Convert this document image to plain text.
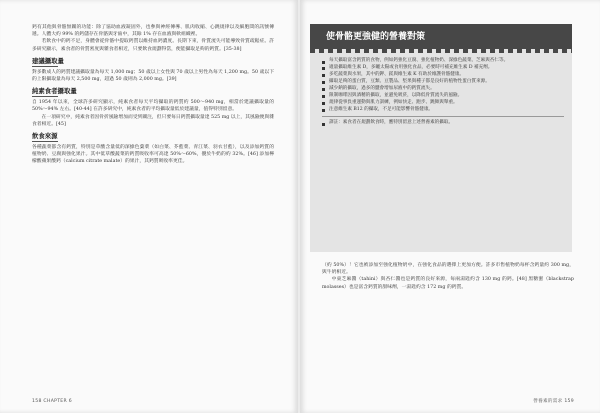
鈣有其他與骨骼無關的功能：除了協助血液凝固外，也參與神經傳導、肌肉收縮、心跳規律以及細胞間的訊號傳遞。人體大約 99% 的鈣儲存在骨骼與牙齒中，其餘 1% 存在血液與軟組織裡。

若飲食中的鈣不足，身體會從骨骼中提取鈣質以維持血鈣濃度。長期下來，骨質流失可能導致骨質疏鬆症。許多研究顯示，素食者的骨質密度與雜食者相近，只要飲食規劃得當，便能攝取足夠的鈣質。[35-38]

建議攝取量

對多數成人的鈣質建議攝取量為每天 1,000 mg；50 歲以上女性與 70 歲以上男性為每天 1,200 mg。50 歲以下的上限攝取量為每天 2,500 mg，超過 50 歲則為 2,000 mg。[39]

純素食者攝取量

自 1954 年以來，全球許多研究顯示，純素食者每天平均攝取的鈣質約 500～940 mg，相當於建議攝取量的 50%～94% 左右。[40-44] 在許多研究中，純素食者的平均攝取量低於建議量，值得特別留意。

在一項研究中，純素食者因骨折風險增加而受到關注，但只要每日鈣質攝取量達 525 mg 以上，其風險便與雜食者相近。[45]

飲食來源

各種蔬菜都含有鈣質，特別是草酸含量低的深綠色葉菜（如白菜、芥藍菜、青江菜、羽衣甘藍），以及添加鈣質的植物奶、豆腐與強化果汁。其中低草酸蔬菜的鈣質吸收率可高達 50%～60%，優於牛奶的約 32%。[46] 添加檸檬酸蘋果酸鈣（calcium citrate malate）的果汁，其鈣質吸收率更佳。

158 CHAPTER 6
使骨骼更強健的營養對策
每天攝取富含鈣質的食物，例如鈣強化豆腐、強化植物奶、深綠色蔬菜、芝麻與杏仁等。
適量攝取維生素 D，多曬太陽或食用強化食品，必要時可補充維生素 D 補充劑。
多吃蔬菜與水果，其中的鉀、鎂與維生素 K 有助於維護骨骼健康。
攝取足夠的蛋白質，豆類、豆製品、堅果與種子都是良好的植物性蛋白質來源。
減少鈉的攝取，過多的鹽會增加尿液中的鈣質流失。
限制咖啡因與酒精的攝取，並避免吸菸，以降低骨質流失的風險。
規律從事負重運動與肌力訓練，例如快走、跑步、跳舞與舉重。
注意維生素 B12 的攝取，不足可能影響骨骼健康。
譯註：素食者在規劃飲食時，應特別留意上述營養素的攝取。

（約 50%）！它也被添加至強化植物奶中，在強化食品的選擇上更加方便。許多市售植物奶每杯含鈣量約 300 mg，與牛奶相近。

中東芝麻醬（tahini）與杏仁醬也是鈣質的良好來源，每兩湯匙約含 130 mg 的鈣。[48] 黑糖蜜（blackstrap molasses）也是富含鈣質的甜味劑，一湯匙約含 172 mg 的鈣質。

營養素的需求 159
